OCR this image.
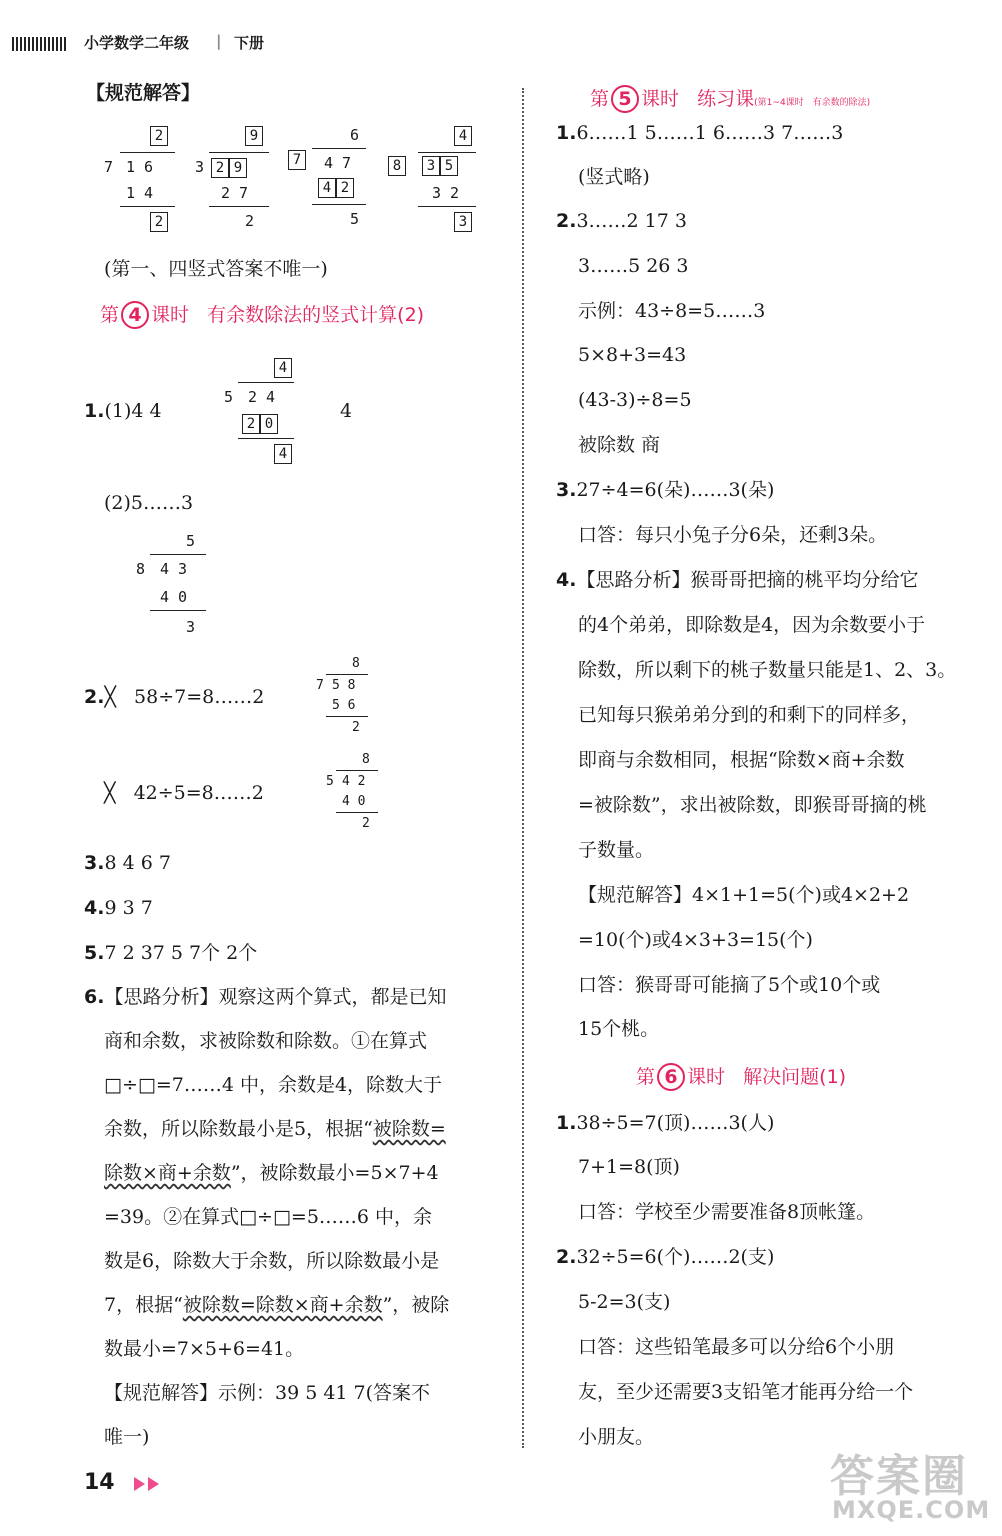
小学数学二年级 | 下册
【规范解答】
2
7 1 6
1 4
2
9
3 2 9
2 7
2
6
7	4 7
4 2
5
4
8	3 5
3 2
3
(第一、四竖式答案不唯一)
第 4 课时 有余数除法的竖式计算(2)
1.(1)4 4
4
5 2 4
2 0
4
4
(2)5……3
5
8 4 3
4 0
3
2.╳ 58÷7=8……2
8
7 5 8
5 6
2
╳ 42÷5=8……2
8
5 4 2
4 0
2
3.8 4 6 7
4.9 3 7
5.7 2 37 5 7个 2个
6.【思路分析】观察这两个算式，都是已知
商和余数，求被除数和除数。①在算式
□÷□=7……4 中，余数是4，除数大于
余数，所以除数最小是5，根据“被除数=
除数×商+余数”，被除数最小=5×7+4
=39。②在算式□÷□=5……6 中，余
数是6，除数大于余数，所以除数最小是
7，根据“被除数=除数×商+余数”，被除
数最小=7×5+6=41。
【规范解答】示例：39 5 41 7(答案不
唯一)
第 5 课时 练习课(第1~4课时　有余数的除法)
1.6……1 5……1 6……3 7……3
(竖式略)
2.3……2 17 3
3……5 26 3
示例：43÷8=5……3
5×8+3=43
(43-3)÷8=5
被除数 商
3.27÷4=6(朵)……3(朵)
口答：每只小兔子分6朵，还剩3朵。
4.【思路分析】猴哥哥把摘的桃平均分给它
的4个弟弟，即除数是4，因为余数要小于
除数，所以剩下的桃子数量只能是1、2、3。
已知每只猴弟弟分到的和剩下的同样多，
即商与余数相同，根据“除数×商+余数
=被除数”，求出被除数，即猴哥哥摘的桃
子数量。
【规范解答】4×1+1=5(个)或4×2+2
=10(个)或4×3+3=15(个)
口答：猴哥哥可能摘了5个或10个或
15个桃。
第 6 课时 解决问题(1)
1.38÷5=7(顶)……3(人)
7+1=8(顶)
口答：学校至少需要准备8顶帐篷。
2.32÷5=6(个)……2(支)
5-2=3(支)
口答：这些铅笔最多可以分给6个小朋
友，至少还需要3支铅笔才能再分给一个
小朋友。
14	答案圈
MXQE.COM
